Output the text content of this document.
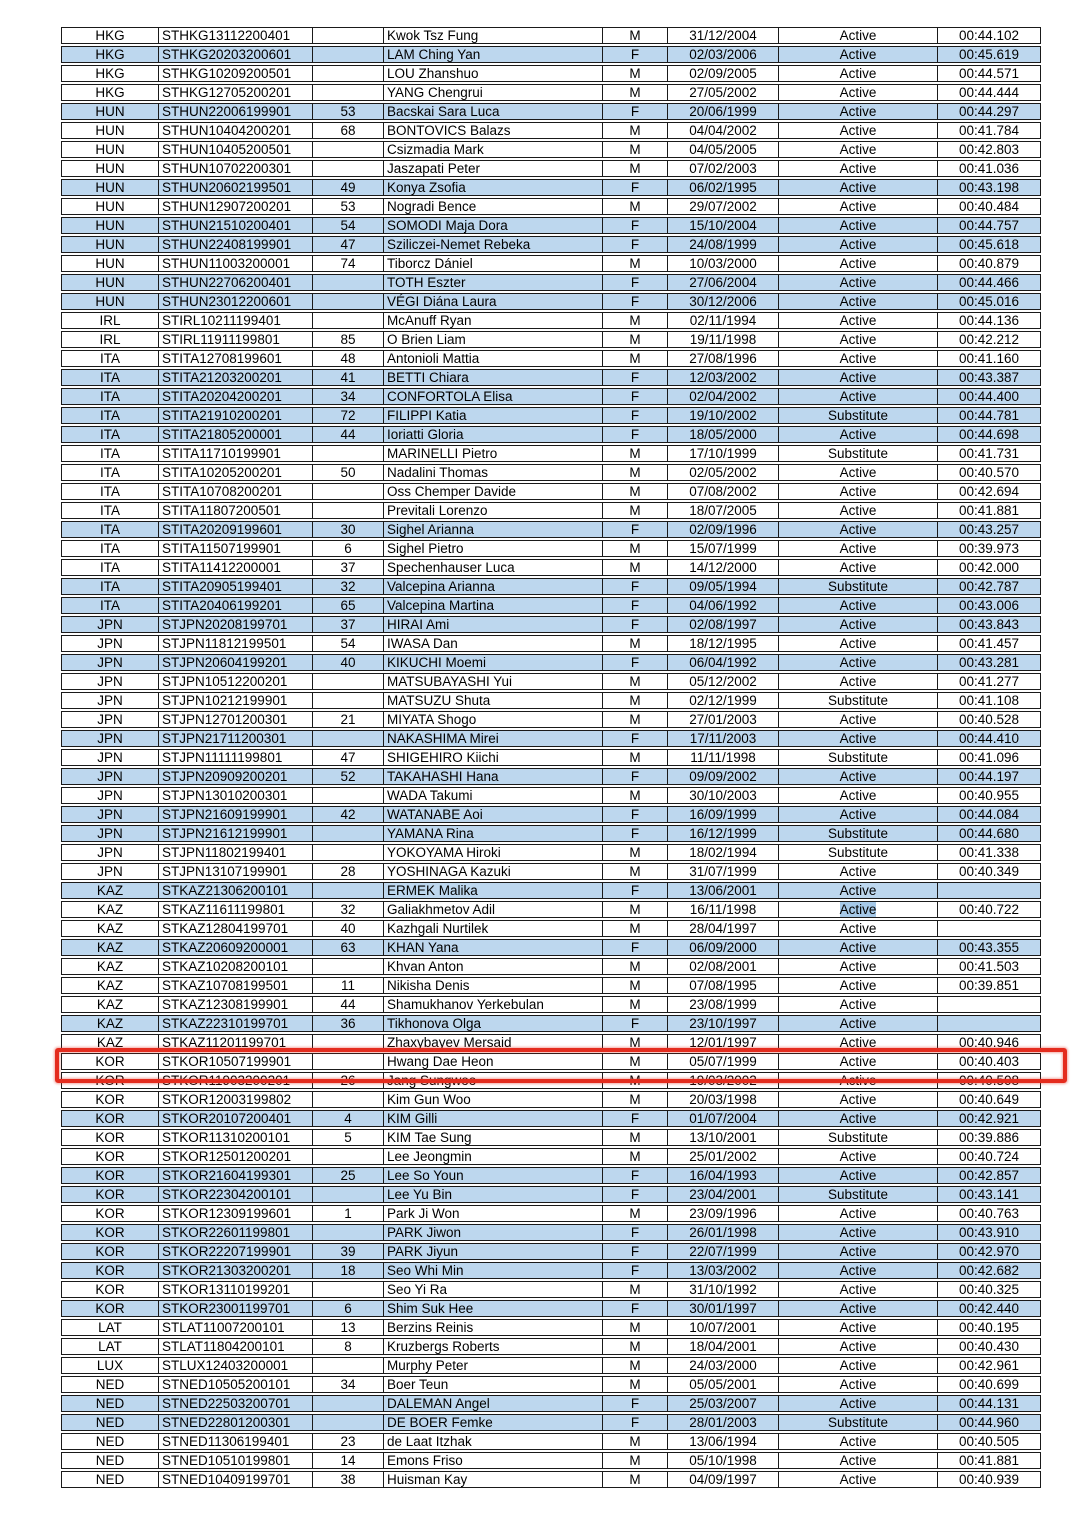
HKG	STHKG13112200401		Kwok Tsz Fung	M	31/12/2004	Active	00:44.102
HKG	STHKG20203200601		LAM Ching Yan	F	02/03/2006	Active	00:45.619
HKG	STHKG10209200501		LOU Zhanshuo	M	02/09/2005	Active	00:44.571
HKG	STHKG12705200201		YANG Chengrui	M	27/05/2002	Active	00:44.444
HUN	STHUN22006199901	53	Bacskai Sara Luca	F	20/06/1999	Active	00:44.297
HUN	STHUN10404200201	68	BONTOVICS Balazs	M	04/04/2002	Active	00:41.784
HUN	STHUN10405200501		Csizmadia Mark	M	04/05/2005	Active	00:42.803
HUN	STHUN10702200301		Jaszapati Peter	M	07/02/2003	Active	00:41.036
HUN	STHUN20602199501	49	Konya Zsofia	F	06/02/1995	Active	00:43.198
HUN	STHUN12907200201	53	Nogradi Bence	M	29/07/2002	Active	00:40.484
HUN	STHUN21510200401	54	SOMODI Maja Dora	F	15/10/2004	Active	00:44.757
HUN	STHUN22408199901	47	Sziliczei-Nemet Rebeka	F	24/08/1999	Active	00:45.618
HUN	STHUN11003200001	74	Tiborcz Dániel	M	10/03/2000	Active	00:40.879
HUN	STHUN22706200401		TOTH Eszter	F	27/06/2004	Active	00:44.466
HUN	STHUN23012200601		VÉGI Diána Laura	F	30/12/2006	Active	00:45.016
IRL	STIRL10211199401		McAnuff Ryan	M	02/11/1994	Active	00:44.136
IRL	STIRL11911199801	85	O Brien Liam	M	19/11/1998	Active	00:42.212
ITA	STITA12708199601	48	Antonioli Mattia	M	27/08/1996	Active	00:41.160
ITA	STITA21203200201	41	BETTI Chiara	F	12/03/2002	Active	00:43.387
ITA	STITA20204200201	34	CONFORTOLA Elisa	F	02/04/2002	Active	00:44.400
ITA	STITA21910200201	72	FILIPPI Katia	F	19/10/2002	Substitute	00:44.781
ITA	STITA21805200001	44	Ioriatti Gloria	F	18/05/2000	Active	00:44.698
ITA	STITA11710199901		MARINELLI Pietro	M	17/10/1999	Substitute	00:41.731
ITA	STITA10205200201	50	Nadalini Thomas	M	02/05/2002	Active	00:40.570
ITA	STITA10708200201		Oss Chemper Davide	M	07/08/2002	Active	00:42.694
ITA	STITA11807200501		Previtali Lorenzo	M	18/07/2005	Active	00:41.881
ITA	STITA20209199601	30	Sighel Arianna	F	02/09/1996	Active	00:43.257
ITA	STITA11507199901	6	Sighel Pietro	M	15/07/1999	Active	00:39.973
ITA	STITA11412200001	37	Spechenhauser Luca	M	14/12/2000	Active	00:42.000
ITA	STITA20905199401	32	Valcepina Arianna	F	09/05/1994	Substitute	00:42.787
ITA	STITA20406199201	65	Valcepina Martina	F	04/06/1992	Active	00:43.006
JPN	STJPN20208199701	37	HIRAI Ami	F	02/08/1997	Active	00:43.843
JPN	STJPN11812199501	54	IWASA Dan	M	18/12/1995	Active	00:41.457
JPN	STJPN20604199201	40	KIKUCHI Moemi	F	06/04/1992	Active	00:43.281
JPN	STJPN10512200201		MATSUBAYASHI Yui	M	05/12/2002	Active	00:41.277
JPN	STJPN10212199901		MATSUZU Shuta	M	02/12/1999	Substitute	00:41.108
JPN	STJPN12701200301	21	MIYATA Shogo	M	27/01/2003	Active	00:40.528
JPN	STJPN21711200301		NAKASHIMA Mirei	F	17/11/2003	Active	00:44.410
JPN	STJPN11111199801	47	SHIGEHIRO Kiichi	M	11/11/1998	Substitute	00:41.096
JPN	STJPN20909200201	52	TAKAHASHI Hana	F	09/09/2002	Active	00:44.197
JPN	STJPN13010200301		WADA Takumi	M	30/10/2003	Active	00:40.955
JPN	STJPN21609199901	42	WATANABE Aoi	F	16/09/1999	Active	00:44.084
JPN	STJPN21612199901		YAMANA Rina	F	16/12/1999	Substitute	00:44.680
JPN	STJPN11802199401		YOKOYAMA Hiroki	M	18/02/1994	Substitute	00:41.338
JPN	STJPN13107199901	28	YOSHINAGA Kazuki	M	31/07/1999	Active	00:40.349
KAZ	STKAZ21306200101		ERMEK Malika	F	13/06/2001	Active	
KAZ	STKAZ11611199801	32	Galiakhmetov Adil	M	16/11/1998	Active	00:40.722
KAZ	STKAZ12804199701	40	Kazhgali Nurtilek	M	28/04/1997	Active	
KAZ	STKAZ20609200001	63	KHAN Yana	F	06/09/2000	Active	00:43.355
KAZ	STKAZ10208200101		Khvan Anton	M	02/08/2001	Active	00:41.503
KAZ	STKAZ10708199501	11	Nikisha Denis	M	07/08/1995	Active	00:39.851
KAZ	STKAZ12308199901	44	Shamukhanov Yerkebulan	M	23/08/1999	Active	
KAZ	STKAZ22310199701	36	Tikhonova Olga	F	23/10/1997	Active	
KAZ	STKAZ11201199701		Zhaxybayev Mersaid	M	12/01/1997	Active	00:40.946
KOR	STKOR10507199901		Hwang Dae Heon	M	05/07/1999	Active	00:40.403
KOR	STKOR11903200201	26	Jang Sungwoo	M	19/03/2002	Active	00:40.508
KOR	STKOR12003199802		Kim Gun Woo	M	20/03/1998	Active	00:40.649
KOR	STKOR20107200401	4	KIM Gilli	F	01/07/2004	Active	00:42.921
KOR	STKOR11310200101	5	KIM Tae Sung	M	13/10/2001	Substitute	00:39.886
KOR	STKOR12501200201		Lee Jeongmin	M	25/01/2002	Active	00:40.724
KOR	STKOR21604199301	25	Lee So Youn	F	16/04/1993	Active	00:42.857
KOR	STKOR22304200101		Lee Yu Bin	F	23/04/2001	Substitute	00:43.141
KOR	STKOR12309199601	1	Park Ji Won	M	23/09/1996	Active	00:40.763
KOR	STKOR22601199801		PARK Jiwon	F	26/01/1998	Active	00:43.910
KOR	STKOR22207199901	39	PARK Jiyun	F	22/07/1999	Active	00:42.970
KOR	STKOR21303200201	18	Seo Whi Min	F	13/03/2002	Active	00:42.682
KOR	STKOR13110199201		Seo Yi Ra	M	31/10/1992	Active	00:40.325
KOR	STKOR23001199701	6	Shim Suk Hee	F	30/01/1997	Active	00:42.440
LAT	STLAT11007200101	13	Berzins Reinis	M	10/07/2001	Active	00:40.195
LAT	STLAT11804200101	8	Kruzbergs Roberts	M	18/04/2001	Active	00:40.430
LUX	STLUX12403200001		Murphy Peter	M	24/03/2000	Active	00:42.961
NED	STNED10505200101	34	Boer Teun	M	05/05/2001	Active	00:40.699
NED	STNED22503200701		DALEMAN Angel	F	25/03/2007	Active	00:44.131
NED	STNED22801200301		DE BOER Femke	F	28/01/2003	Substitute	00:44.960
NED	STNED11306199401	23	de Laat Itzhak	M	13/06/1994	Active	00:40.505
NED	STNED10510199801	14	Emons Friso	M	05/10/1998	Active	00:41.881
NED	STNED10409199701	38	Huisman Kay	M	04/09/1997	Active	00:40.939
